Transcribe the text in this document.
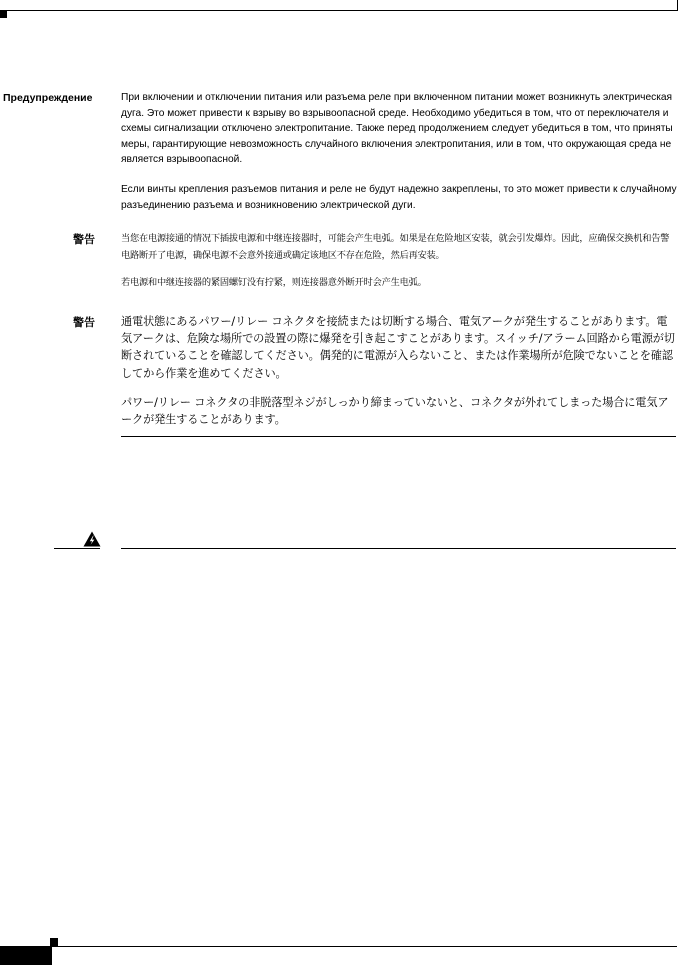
Предупреждение	При включении и отключении питания или разъема реле при включенном питании может возникнуть электрическая дуга. Это может привести к взрыву во взрывоопасной среде. Необходимо убедиться в том, что от переключателя и схемы сигнализации отключено электропитание. Также перед продолжением следует убедиться в том, что приняты меры, гарантирующие невозможность случайного включения электропитания, или в том, что окружающая среда не является взрывоопасной.

Если винты крепления разъемов питания и реле не будут надежно закреплены, то это может привести к случайному разъединению разъема и возникновению электрической дуги.

警告	当您在电源接通的情况下插拔电源和中继连接器时，可能会产生电弧。如果是在危险地区安装，就会引发爆炸。因此，应确保交换机和告警电路断开了电源，确保电源不会意外接通或确定该地区不存在危险，然后再安装。

若电源和中继连接器的紧固螺钉没有拧紧，则连接器意外断开时会产生电弧。

警告 通電状態にあるパワー/リレー コネクタを接続または切断する場合、電気アークが発生することがあります。電気アークは、危険な場所での設置の際に爆発を引き起こすことがあります。スイッチ/アラーム回路から電源が切断されていることを確認してください。偶発的に電源が入らないこと、または作業場所が危険でないことを確認してから作業を進めてください。

パワー/リレー コネクタの非脱落型ネジがしっかり締まっていないと、コネクタが外れてしまった場合に電気アークが発生することがあります。
